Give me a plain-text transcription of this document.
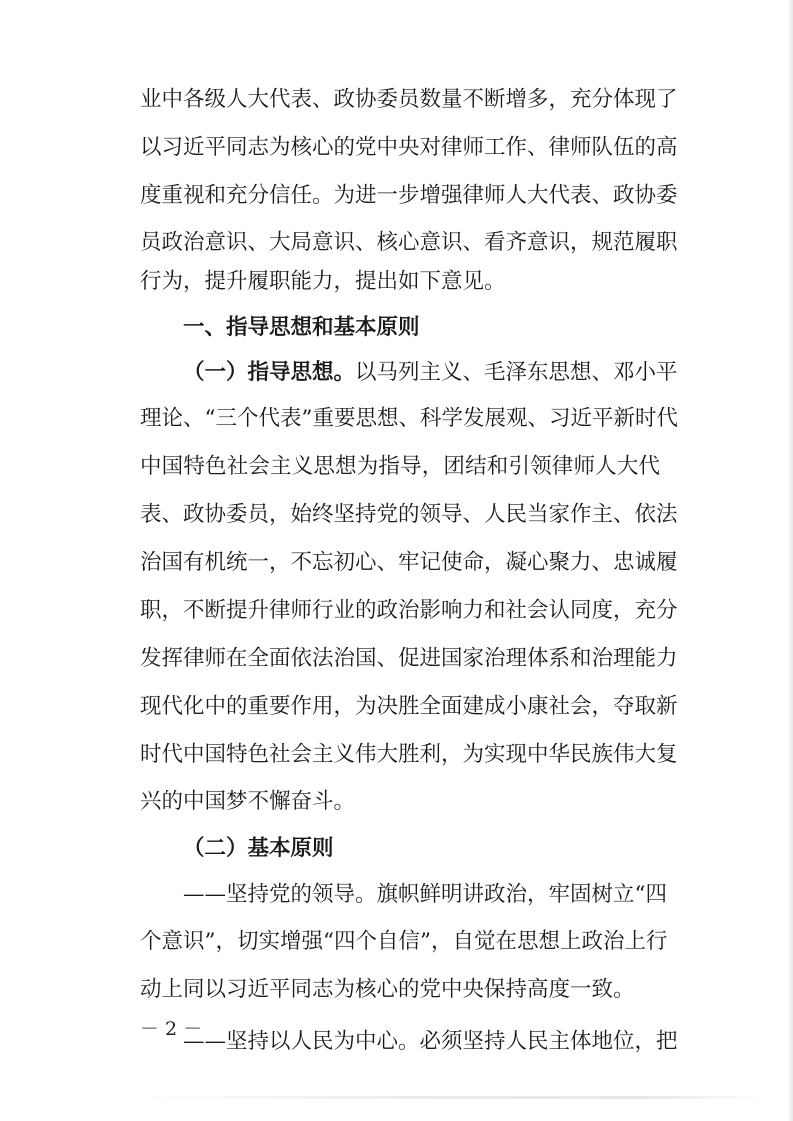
业中各级人大代表、政协委员数量不断增多，充分体现了
以习近平同志为核心的党中央对律师工作、律师队伍的高
度重视和充分信任。为进一步增强律师人大代表、政协委
员政治意识、大局意识、核心意识、看齐意识，规范履职
行为，提升履职能力，提出如下意见。
一、指导思想和基本原则
（一）指导思想。以马列主义、毛泽东思想、邓小平
理论、“三个代表”重要思想、科学发展观、习近平新时代
中国特色社会主义思想为指导，团结和引领律师人大代
表、政协委员，始终坚持党的领导、人民当家作主、依法
治国有机统一，不忘初心、牢记使命，凝心聚力、忠诚履
职，不断提升律师行业的政治影响力和社会认同度，充分
发挥律师在全面依法治国、促进国家治理体系和治理能力
现代化中的重要作用，为决胜全面建成小康社会，夺取新
时代中国特色社会主义伟大胜利，为实现中华民族伟大复
兴的中国梦不懈奋斗。
（二）基本原则
——坚持党的领导。旗帜鲜明讲政治，牢固树立“四
个意识”，切实增强“四个自信”，自觉在思想上政治上行
动上同以习近平同志为核心的党中央保持高度一致。
——坚持以人民为中心。必须坚持人民主体地位，把
－ 2 －
